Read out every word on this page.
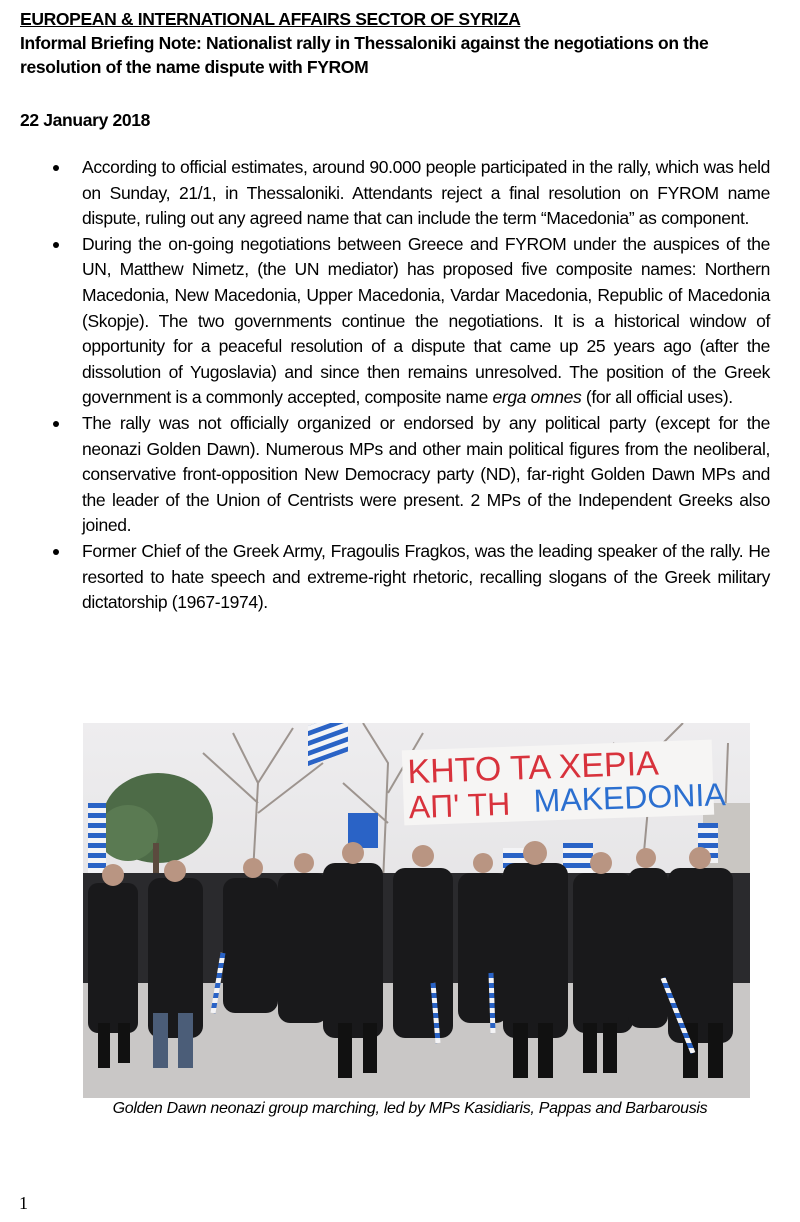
EUROPEAN & INTERNATIONAL AFFAIRS SECTOR OF SYRIZA
Informal Briefing Note: Nationalist rally in Thessaloniki against the negotiations on the resolution of the name dispute with FYROM
22 January 2018
According to official estimates, around 90.000 people participated in the rally, which was held on Sunday, 21/1, in Thessaloniki. Attendants reject a final resolution on FYROM name dispute, ruling out any agreed name that can include the term “Macedonia” as component.
During the on-going negotiations between Greece and FYROM under the auspices of the UN, Matthew Nimetz, (the UN mediator) has proposed five composite names: Northern Macedonia, New Macedonia, Upper Macedonia, Vardar Macedonia, Republic of Macedonia (Skopje). The two governments continue the negotiations. It is a historical window of opportunity for a peaceful resolution of a dispute that came up 25 years ago (after the dissolution of Yugoslavia) and since then remains unresolved. The position of the Greek government is a commonly accepted, composite name erga omnes (for all official uses).
The rally was not officially organized or endorsed by any political party (except for the neonazi Golden Dawn). Numerous MPs and other main political figures from the neoliberal, conservative front-opposition New Democracy party (ND), far-right Golden Dawn MPs and the leader of the Union of Centrists were present. 2 MPs of the Independent Greeks also joined.
Former Chief of the Greek Army, Fragoulis Fragkos, was the leading speaker of the rally. He resorted to hate speech and extreme-right rhetoric, recalling slogans of the Greek military dictatorship (1967-1974).
ΚΗΤΟ ΤΑ ΧΕΡΙΑ
ΑΠ' ΤΗ ΜΑΚΕDΟΝΙΑ
Golden Dawn neonazi group marching, led by MPs Kasidiaris, Pappas and Barbarousis
1
